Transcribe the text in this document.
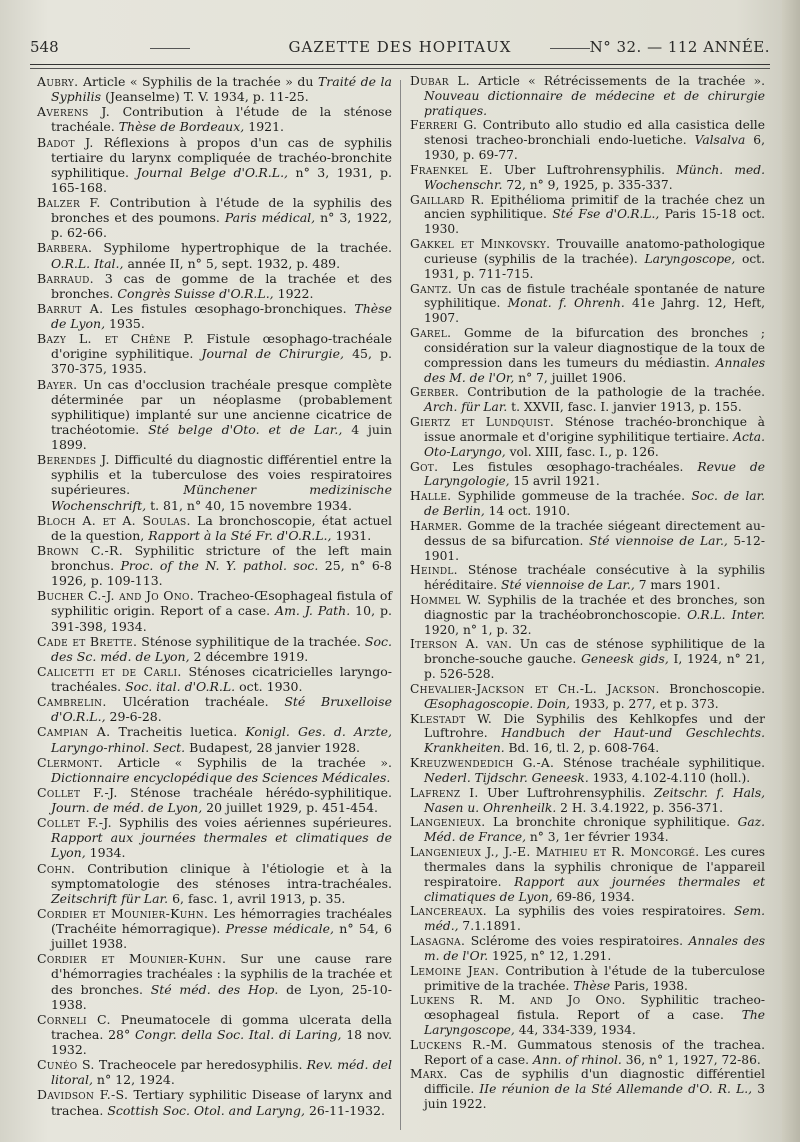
548	GAZETTE DES HOPITAUX	N° 32. — 112 ANNÉE.

Aubry. Article « Syphilis de la trachée » du Traité de la Syphilis (Jeanselme) T. V. 1934, p. 11-25.

Averens J. Contribution à l'étude de la sténose trachéale. Thèse de Bordeaux, 1921.

Badot J. Réflexions à propos d'un cas de syphilis tertiaire du larynx compliquée de trachéo-bronchite syphilitique. Journal Belge d'O.R.L., n° 3, 1931, p. 165-168.

Balzer F. Contribution à l'étude de la syphilis des bronches et des poumons. Paris médical, n° 3, 1922, p. 62-66.

Barbera. Syphilome hypertrophique de la trachée. O.R.L. Ital., année II, n° 5, sept. 1932, p. 489.

Barraud. 3 cas de gomme de la trachée et des bronches. Congrès Suisse d'O.R.L., 1922.

Barrut A. Les fistules œsophago-bronchiques. Thèse de Lyon, 1935.

Bazy L. et Chêne P. Fistule œsophago-trachéale d'origine syphilitique. Journal de Chirurgie, 45, p. 370-375, 1935.

Bayer. Un cas d'occlusion trachéale presque complète déterminée par un néoplasme (probablement syphilitique) implanté sur une ancienne cicatrice de trachéotomie. Sté belge d'Oto. et de Lar., 4 juin 1899.

Berendes J. Difficulté du diagnostic différentiel entre la syphilis et la tuberculose des voies respiratoires supérieures. Münchener medizinische Wochenschrift, t. 81, n° 40, 15 novembre 1934.

Bloch A. et A. Soulas. La bronchoscopie, état actuel de la question, Rapport à la Sté Fr. d'O.R.L., 1931.

Brown C.-R. Syphilitic stricture of the left main bronchus. Proc. of the N. Y. pathol. soc. 25, n° 6-8 1926, p. 109-113.

Bucher C.-J. and Jo Ono. Tracheo-Œsophageal fistula of syphilitic origin. Report of a case. Am. J. Path. 10, p. 391-398, 1934.

Cade et Brette. Sténose syphilitique de la trachée. Soc. des Sc. méd. de Lyon, 2 décembre 1919.

Calicetti et de Carli. Sténoses cicatricielles laryngo-trachéales. Soc. ital. d'O.R.L. oct. 1930.

Cambrelin. Ulcération trachéale. Sté Bruxelloise d'O.R.L., 29-6-28.

Campian A. Tracheitis luetica. Konigl. Ges. d. Arzte, Laryngo-rhinol. Sect. Budapest, 28 janvier 1928.

Clermont. Article « Syphilis de la trachée ». Dictionnaire encyclopédique des Sciences Médicales.

Collet F.-J. Sténose trachéale hérédo-syphilitique. Journ. de méd. de Lyon, 20 juillet 1929, p. 451-454.

Collet F.-J. Syphilis des voies aériennes supérieures. Rapport aux journées thermales et climatiques de Lyon, 1934.

Cohn. Contribution clinique à l'étiologie et à la symptomatologie des sténoses intra-trachéales. Zeitschrift für Lar. 6, fasc. 1, avril 1913, p. 35.

Cordier et Mounier-Kuhn. Les hémorragies trachéales (Trachéite hémorragique). Presse médicale, n° 54, 6 juillet 1938.

Cordier et Mounier-Kuhn. Sur une cause rare d'hémorragies trachéales : la syphilis de la trachée et des bronches. Sté méd. des Hop. de Lyon, 25-10-1938.

Corneli C. Pneumatocele di gomma ulcerata della trachea. 28° Congr. della Soc. Ital. di Laring, 18 nov. 1932.

Cunéo S. Tracheocele par heredosyphilis. Rev. méd. del litoral, n° 12, 1924.

Davidson F.-S. Tertiary syphilitic Disease of larynx and trachea. Scottish Soc. Otol. and Laryng, 26-11-1932.

Dubar L. Article « Rétrécissements de la trachée ». Nouveau dictionnaire de médecine et de chirurgie pratiques.

Ferreri G. Contributo allo studio ed alla casistica delle stenosi tracheo-bronchiali endo-luetiche. Valsalva 6, 1930, p. 69-77.

Fraenkel E. Uber Luftrohrensyphilis. Münch. med. Wochenschr. 72, n° 9, 1925, p. 335-337.

Gaillard R. Epithélioma primitif de la trachée chez un ancien syphilitique. Sté Fse d'O.R.L., Paris 15-18 oct. 1930.

Gakkel et Minkovsky. Trouvaille anatomo-pathologique curieuse (syphilis de la trachée). Laryngoscope, oct. 1931, p. 711-715.

Gantz. Un cas de fistule trachéale spontanée de nature syphilitique. Monat. f. Ohrenh. 41e Jahrg. 12, Heft, 1907.

Garel. Gomme de la bifurcation des bronches ; considération sur la valeur diagnostique de la toux de compression dans les tumeurs du médiastin. Annales des M. de l'Or, n° 7, juillet 1906.

Gerber. Contribution de la pathologie de la trachée. Arch. für Lar. t. XXVII, fasc. I. janvier 1913, p. 155.

Giertz et Lundquist. Sténose trachéo-bronchique à issue anormale et d'origine syphilitique tertiaire. Acta. Oto-Laryngo, vol. XIII, fasc. I., p. 126.

Got. Les fistules œsophago-trachéales. Revue de Laryngologie, 15 avril 1921.

Halle. Syphilide gommeuse de la trachée. Soc. de lar. de Berlin, 14 oct. 1910.

Harmer. Gomme de la trachée siégeant directement au-dessus de sa bifurcation. Sté viennoise de Lar., 5-12-1901.

Heindl. Sténose trachéale consécutive à la syphilis héréditaire. Sté viennoise de Lar., 7 mars 1901.

Hommel W. Syphilis de la trachée et des bronches, son diagnostic par la trachéobronchoscopie. O.R.L. Inter. 1920, n° 1, p. 32.

Iterson A. van. Un cas de sténose syphilitique de la bronche-souche gauche. Geneesk gids, I, 1924, n° 21, p. 526-528.

Chevalier-Jackson et Ch.-L. Jackson. Bronchoscopie. Œsophagoscopie. Doin, 1933, p. 277, et p. 373.

Klestadt W. Die Syphilis des Kehlkopfes und der Luftrohre. Handbuch der Haut-und Geschlechts. Krankheiten. Bd. 16, tl. 2, p. 608-764.

Kreuzwendedich G.-A. Sténose trachéale syphilitique. Nederl. Tijdschr. Geneesk. 1933, 4.102-4.110 (holl.).

Lafrenz I. Uber Luftrohrensyphilis. Zeitschr. f. Hals, Nasen u. Ohrenheilk. 2 H. 3.4.1922, p. 356-371.

Langenieux. La bronchite chronique syphilitique. Gaz. Méd. de France, n° 3, 1er février 1934.

Langenieux J., J.-E. Mathieu et R. Moncorgé. Les cures thermales dans la syphilis chronique de l'appareil respiratoire. Rapport aux journées thermales et climatiques de Lyon, 69-86, 1934.

Lancereaux. La syphilis des voies respiratoires. Sem. méd., 7.1.1891.

Lasagna. Sclérome des voies respiratoires. Annales des m. de l'Or. 1925, n° 12, 1.291.

Lemoine Jean. Contribution à l'étude de la tuberculose primitive de la trachée. Thèse Paris, 1938.

Lukens R. M. and Jo Ono. Syphilitic tracheo-œsophageal fistula. Report of a case. The Laryngoscope, 44, 334-339, 1934.

Luckens R.-M. Gummatous stenosis of the trachea. Report of a case. Ann. of rhinol. 36, n° 1, 1927, 72-86.

Marx. Cas de syphilis d'un diagnostic différentiel difficile. IIe réunion de la Sté Allemande d'O. R. L., 3 juin 1922.
